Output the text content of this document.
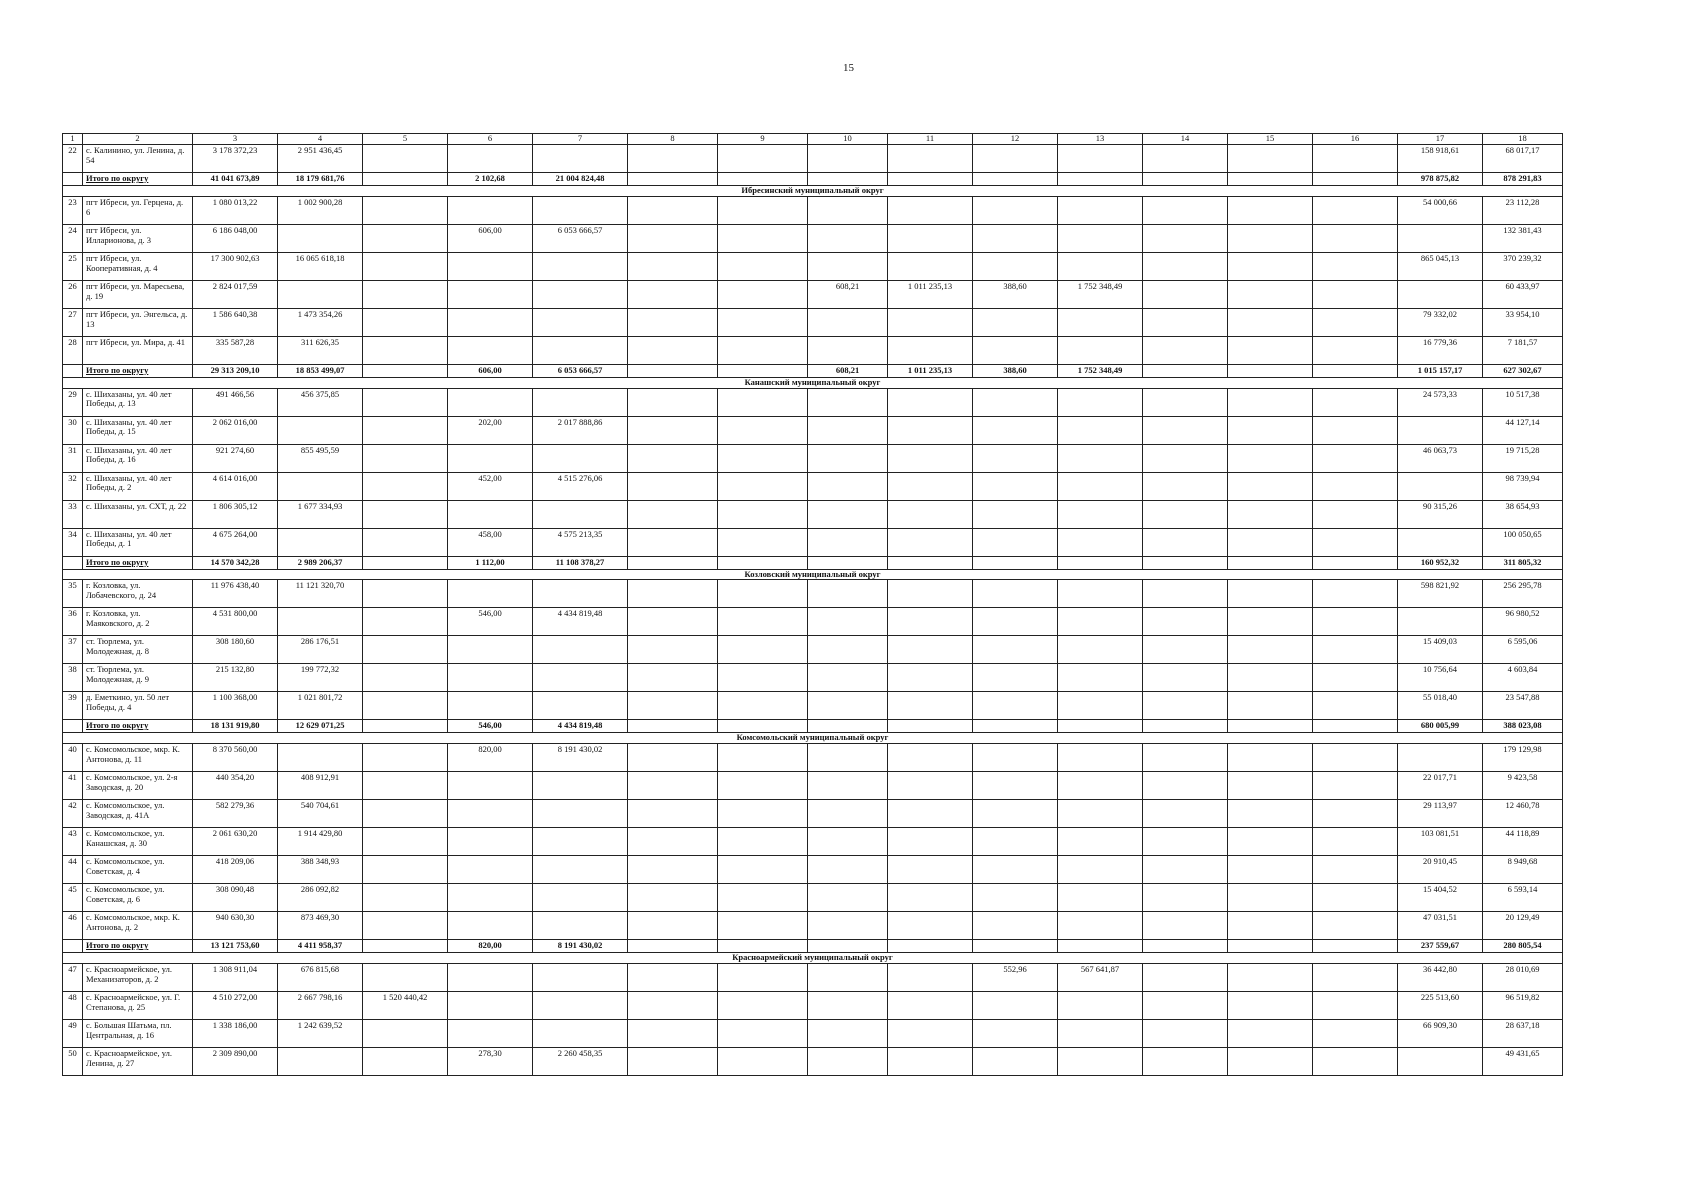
15
1	2	3	4	5	6	7	8	9	10	11	12	13	14	15	16	17	18
22	с. Калинино, ул. Ленина, д. 54	3 178 372,23	2 951 436,45													158 918,61	68 017,17
	Итого по округу	41 041 673,89	18 179 681,76		2 102,68	21 004 824,48										978 875,82	878 291,83
Ибресинский муниципальный округ																	
23	пгт Ибреси, ул. Герцена, д. 6	1 080 013,22	1 002 900,28													54 000,66	23 112,28
24	пгт Ибреси, ул. Илларионова, д. 3	6 186 048,00			606,00	6 053 666,57											132 381,43
25	пгт Ибреси, ул. Кооперативная, д. 4	17 300 902,63	16 065 618,18													865 045,13	370 239,32
26	пгт Ибреси, ул. Маресьева, д. 19	2 824 017,59							608,21	1 011 235,13	388,60	1 752 348,49					60 433,97
27	пгт Ибреси, ул. Энгельса, д. 13	1 586 640,38	1 473 354,26													79 332,02	33 954,10
28	пгт Ибреси, ул. Мира, д. 41	335 587,28	311 626,35													16 779,36	7 181,57
	Итого по округу	29 313 209,10	18 853 499,07		606,00	6 053 666,57			608,21	1 011 235,13	388,60	1 752 348,49				1 015 157,17	627 302,67
Канашский муниципальный округ																	
29	с. Шихазаны, ул. 40 лет Победы, д. 13	491 466,56	456 375,85													24 573,33	10 517,38
30	с. Шихазаны, ул. 40 лет Победы, д. 15	2 062 016,00			202,00	2 017 888,86											44 127,14
31	с. Шихазаны, ул. 40 лет Победы, д. 16	921 274,60	855 495,59													46 063,73	19 715,28
32	с. Шихазаны, ул. 40 лет Победы, д. 2	4 614 016,00			452,00	4 515 276,06											98 739,94
33	с. Шихазаны, ул. СХТ, д. 22	1 806 305,12	1 677 334,93													90 315,26	38 654,93
34	с. Шихазаны, ул. 40 лет Победы, д. 1	4 675 264,00			458,00	4 575 213,35											100 050,65
	Итого по округу	14 570 342,28	2 989 206,37		1 112,00	11 108 378,27										160 952,32	311 805,32
Козловский муниципальный округ																	
35	г. Козловка, ул. Лобачевского, д. 24	11 976 438,40	11 121 320,70													598 821,92	256 295,78
36	г. Козловка, ул. Маяковского, д. 2	4 531 800,00			546,00	4 434 819,48											96 980,52
37	ст. Тюрлема, ул. Молодежная, д. 8	308 180,60	286 176,51													15 409,03	6 595,06
38	ст. Тюрлема, ул. Молодежная, д. 9	215 132,80	199 772,32													10 756,64	4 603,84
39	д. Еметкино, ул. 50 лет Победы, д. 4	1 100 368,00	1 021 801,72													55 018,40	23 547,88
	Итого по округу	18 131 919,80	12 629 071,25		546,00	4 434 819,48										680 005,99	388 023,08
Комсомольский муниципальный округ																	
40	с. Комсомольское, мкр. К. Антонова, д. 11	8 370 560,00			820,00	8 191 430,02											179 129,98
41	с. Комсомольское, ул. 2-я Заводская, д. 20	440 354,20	408 912,91													22 017,71	9 423,58
42	с. Комсомольское, ул. Заводская, д. 41А	582 279,36	540 704,61													29 113,97	12 460,78
43	с. Комсомольское, ул. Канашская, д. 30	2 061 630,20	1 914 429,80													103 081,51	44 118,89
44	с. Комсомольское, ул. Советская, д. 4	418 209,06	388 348,93													20 910,45	8 949,68
45	с. Комсомольское, ул. Советская, д. 6	308 090,48	286 092,82													15 404,52	6 593,14
46	с. Комсомольское, мкр. К. Антонова, д. 2	940 630,30	873 469,30													47 031,51	20 129,49
	Итого по округу	13 121 753,60	4 411 958,37		820,00	8 191 430,02										237 559,67	280 805,54
Красноармейский муниципальный округ																	
47	с. Красноармейское, ул. Механизаторов, д. 2	1 308 911,04	676 815,68								552,96	567 641,87				36 442,80	28 010,69
48	с. Красноармейское, ул. Г. Степанова, д. 25	4 510 272,00	2 667 798,16	1 520 440,42												225 513,60	96 519,82
49	с. Большая Шатьма, пл. Центральная, д. 16	1 338 186,00	1 242 639,52													66 909,30	28 637,18
50	с. Красноармейское, ул. Ленина, д. 27	2 309 890,00			278,30	2 260 458,35											49 431,65
